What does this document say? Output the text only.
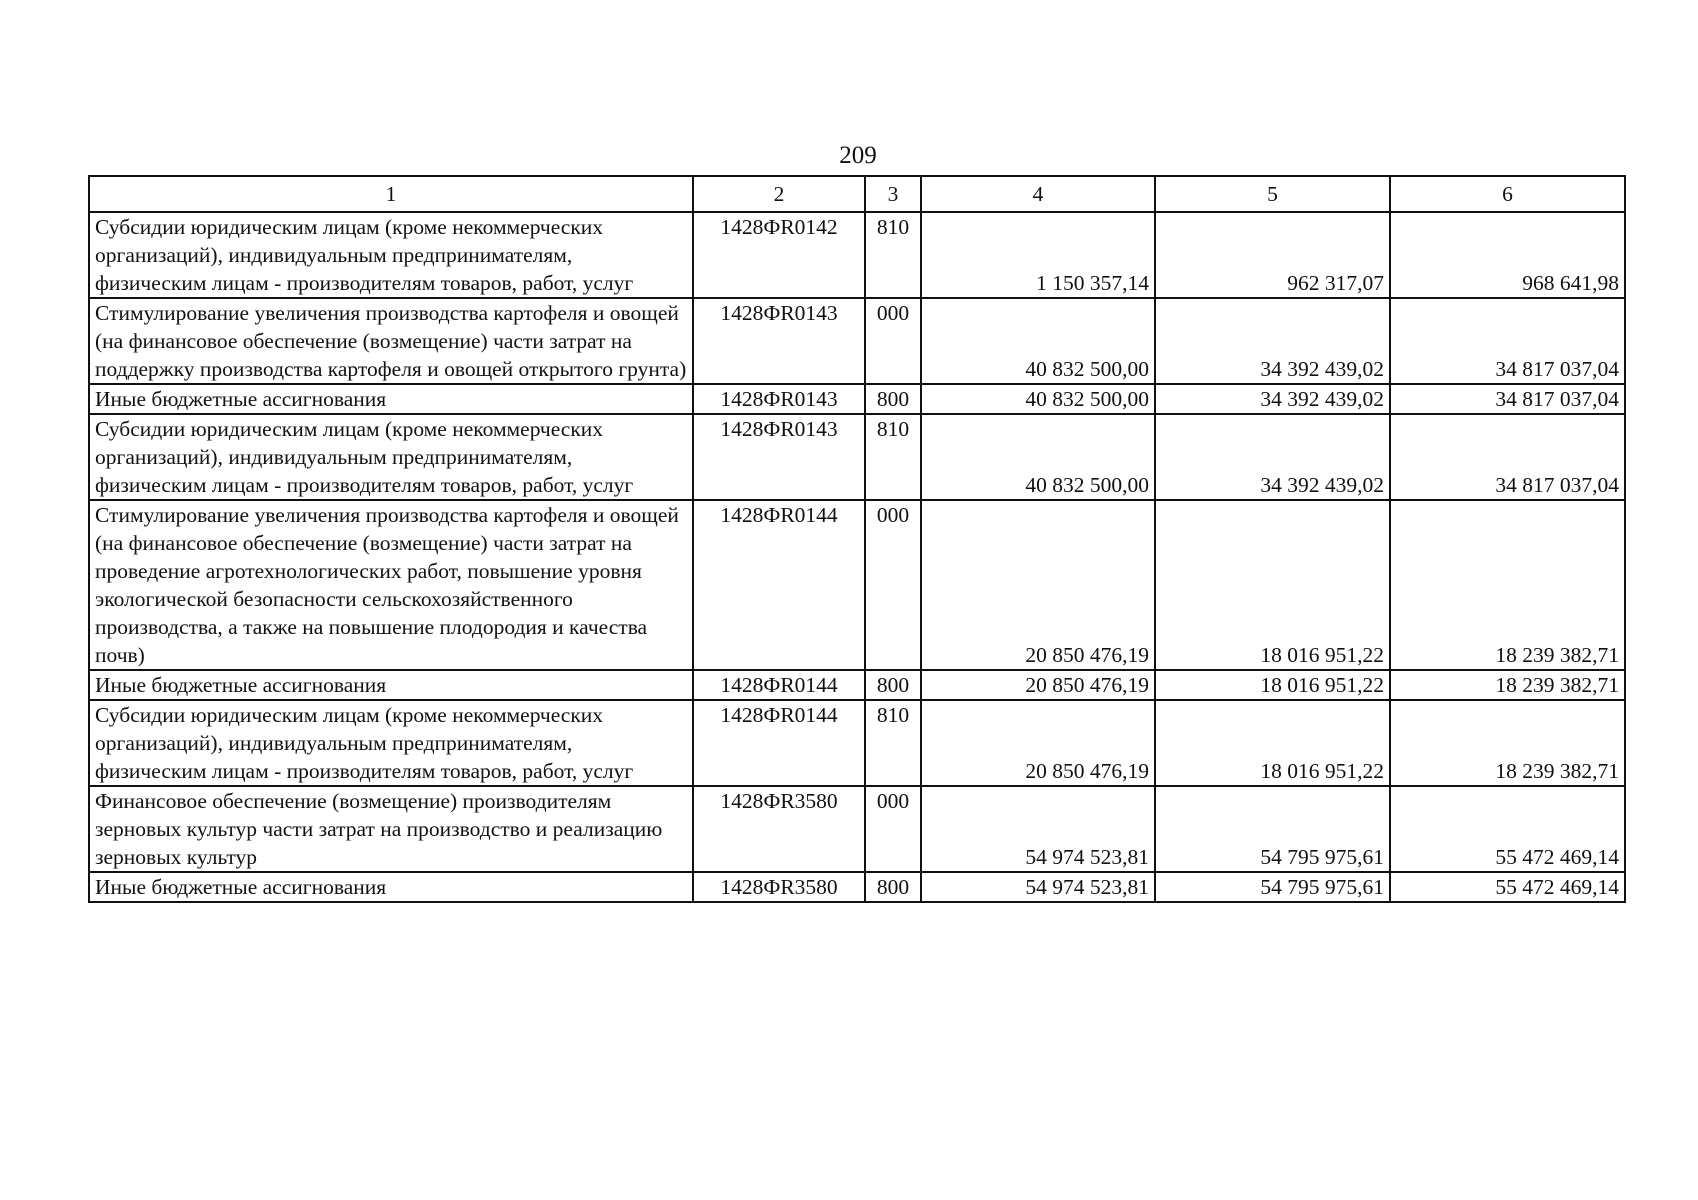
209
1	2	3	4	5	6
Субсидии юридическим лицам (кроме некоммерческих организаций), индивидуальным предпринимателям, физическим лицам - производителям товаров, работ, услуг	1428ФR0142	810	1 150 357,14	962 317,07	968 641,98
Стимулирование увеличения производства картофеля и овощей (на финансовое обеспечение (возмещение) части затрат на поддержку производства картофеля и овощей открытого грунта)	1428ФR0143	000	40 832 500,00	34 392 439,02	34 817 037,04
Иные бюджетные ассигнования	1428ФR0143	800	40 832 500,00	34 392 439,02	34 817 037,04
Субсидии юридическим лицам (кроме некоммерческих организаций), индивидуальным предпринимателям, физическим лицам - производителям товаров, работ, услуг	1428ФR0143	810	40 832 500,00	34 392 439,02	34 817 037,04
Стимулирование увеличения производства картофеля и овощей (на финансовое обеспечение (возмещение) части затрат на проведение агротехнологических работ, повышение уровня экологической безопасности сельскохозяйственного производства, а также на повышение плодородия и качества почв)	1428ФR0144	000	20 850 476,19	18 016 951,22	18 239 382,71
Иные бюджетные ассигнования	1428ФR0144	800	20 850 476,19	18 016 951,22	18 239 382,71
Субсидии юридическим лицам (кроме некоммерческих организаций), индивидуальным предпринимателям, физическим лицам - производителям товаров, работ, услуг	1428ФR0144	810	20 850 476,19	18 016 951,22	18 239 382,71
Финансовое обеспечение (возмещение) производителям зерновых культур части затрат на производство и реализацию зерновых культур	1428ФR3580	000	54 974 523,81	54 795 975,61	55 472 469,14
Иные бюджетные ассигнования	1428ФR3580	800	54 974 523,81	54 795 975,61	55 472 469,14
